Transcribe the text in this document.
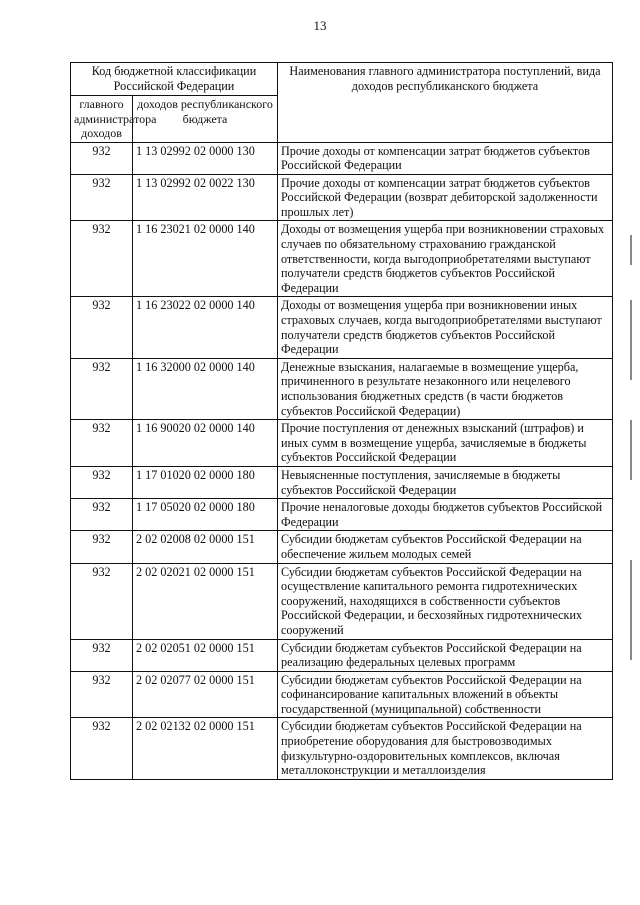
13
Код бюджетной классификации Российской Федерации		Наименования главного администратора поступлений, вида доходов республиканского бюджета
главного администратора доходов	доходов республиканского бюджета	
932	1 13 02992 02 0000 130	Прочие доходы от компенсации затрат бюджетов субъектов Российской Федерации
932	1 13 02992 02 0022 130	Прочие доходы от компенсации затрат бюджетов субъектов Российской Федерации (возврат дебиторской задолженности прошлых лет)
932	1 16 23021 02 0000 140	Доходы от возмещения ущерба при возникновении страховых случаев по обязательному страхованию гражданской ответственности, когда выгодоприобретателями выступают получатели средств бюджетов субъектов Российской Федерации
932	1 16 23022 02 0000 140	Доходы от возмещения ущерба при возникновении иных страховых случаев, когда выгодоприобретателями выступают получатели средств бюджетов субъектов Российской Федерации
932	1 16 32000 02 0000 140	Денежные взыскания, налагаемые в возмещение ущерба, причиненного в результате незаконного или нецелевого использования бюджетных средств (в части бюджетов субъектов Российской Федерации)
932	1 16 90020 02 0000 140	Прочие поступления от денежных взысканий (штрафов) и иных сумм в возмещение ущерба, зачисляемые в бюджеты субъектов Российской Федерации
932	1 17 01020 02 0000 180	Невыясненные поступления, зачисляемые в бюджеты субъектов Российской Федерации
932	1 17 05020 02 0000 180	Прочие неналоговые доходы бюджетов субъектов Российской Федерации
932	2 02 02008 02 0000 151	Субсидии бюджетам субъектов Российской Федерации на обеспечение жильем молодых семей
932	2 02 02021 02 0000 151	Субсидии бюджетам субъектов Российской Федерации на осуществление капитального ремонта гидротехнических сооружений, находящихся в собственности субъектов Российской Федерации, и бесхозяйных гидротехнических сооружений
932	2 02 02051 02 0000 151	Субсидии бюджетам субъектов Российской Федерации на реализацию федеральных целевых программ
932	2 02 02077 02 0000 151	Субсидии бюджетам субъектов Российской Федерации на софинансирование капитальных вложений в объекты государственной (муниципальной) собственности
932	2 02 02132 02 0000 151	Субсидии бюджетам субъектов Российской Федерации на приобретение оборудования для быстровозводимых физкультурно-оздоровительных комплексов, включая металлоконструкции и металлоизделия
